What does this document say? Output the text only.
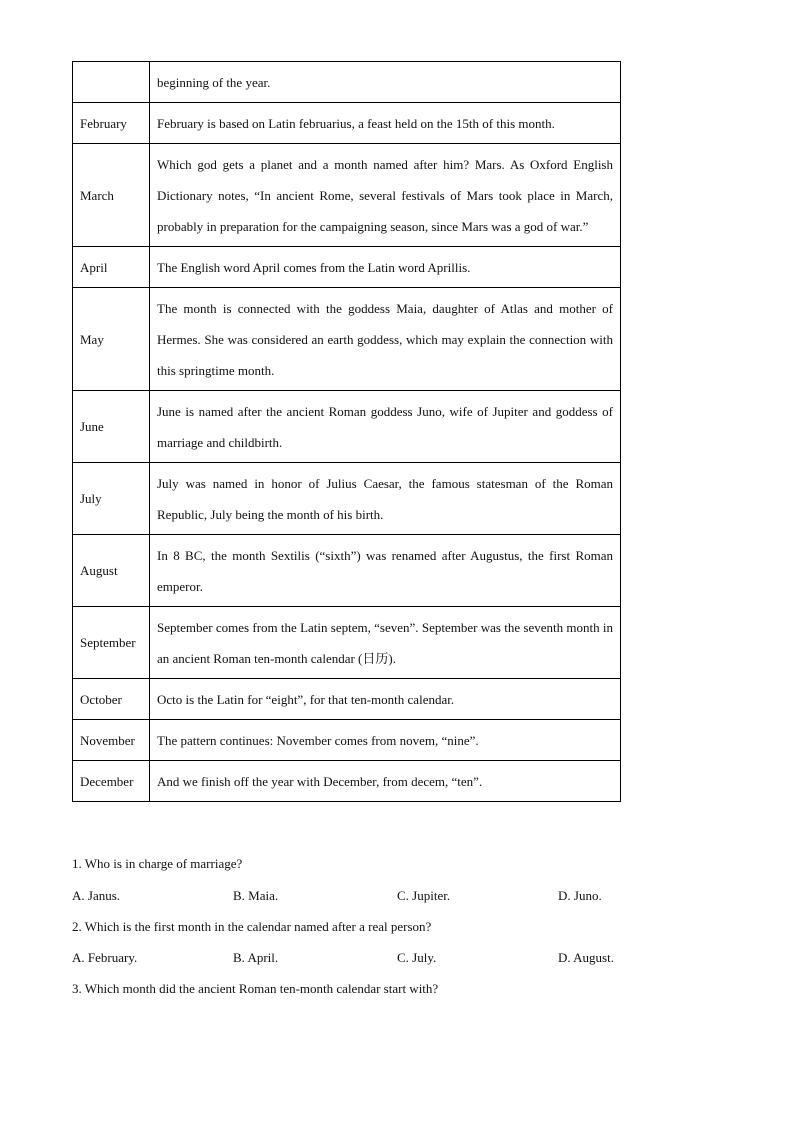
	beginning of the year.
February	February is based on Latin februarius, a feast held on the 15th of this month.
March	Which god gets a planet and a month named after him? Mars. As Oxford English Dictionary notes, “In ancient Rome, several festivals of Mars took place in March, probably in preparation for the campaigning season, since Mars was a god of war.”
April	The English word April comes from the Latin word Aprillis.
May	The month is connected with the goddess Maia, daughter of Atlas and mother of Hermes. She was considered an earth goddess, which may explain the connection with this springtime month.
June	June is named after the ancient Roman goddess Juno, wife of Jupiter and goddess of marriage and childbirth.
July	July was named in honor of Julius Caesar, the famous statesman of the Roman Republic, July being the month of his birth.
August	In 8 BC, the month Sextilis (“sixth”) was renamed after Augustus, the first Roman emperor.
September	September comes from the Latin septem, “seven”. September was the seventh month in an ancient Roman ten-month calendar (日历).
October	Octo is the Latin for “eight”, for that ten-month calendar.
November	The pattern continues: November comes from novem, “nine”.
December	And we finish off the year with December, from decem, “ten”.
1. Who is in charge of marriage?
A. Janus.	B. Maia.	C. Jupiter.	D. Juno.
2. Which is the first month in the calendar named after a real person?
A. February.	B. April.	C. July.	D. August.
3. Which month did the ancient Roman ten-month calendar start with?
